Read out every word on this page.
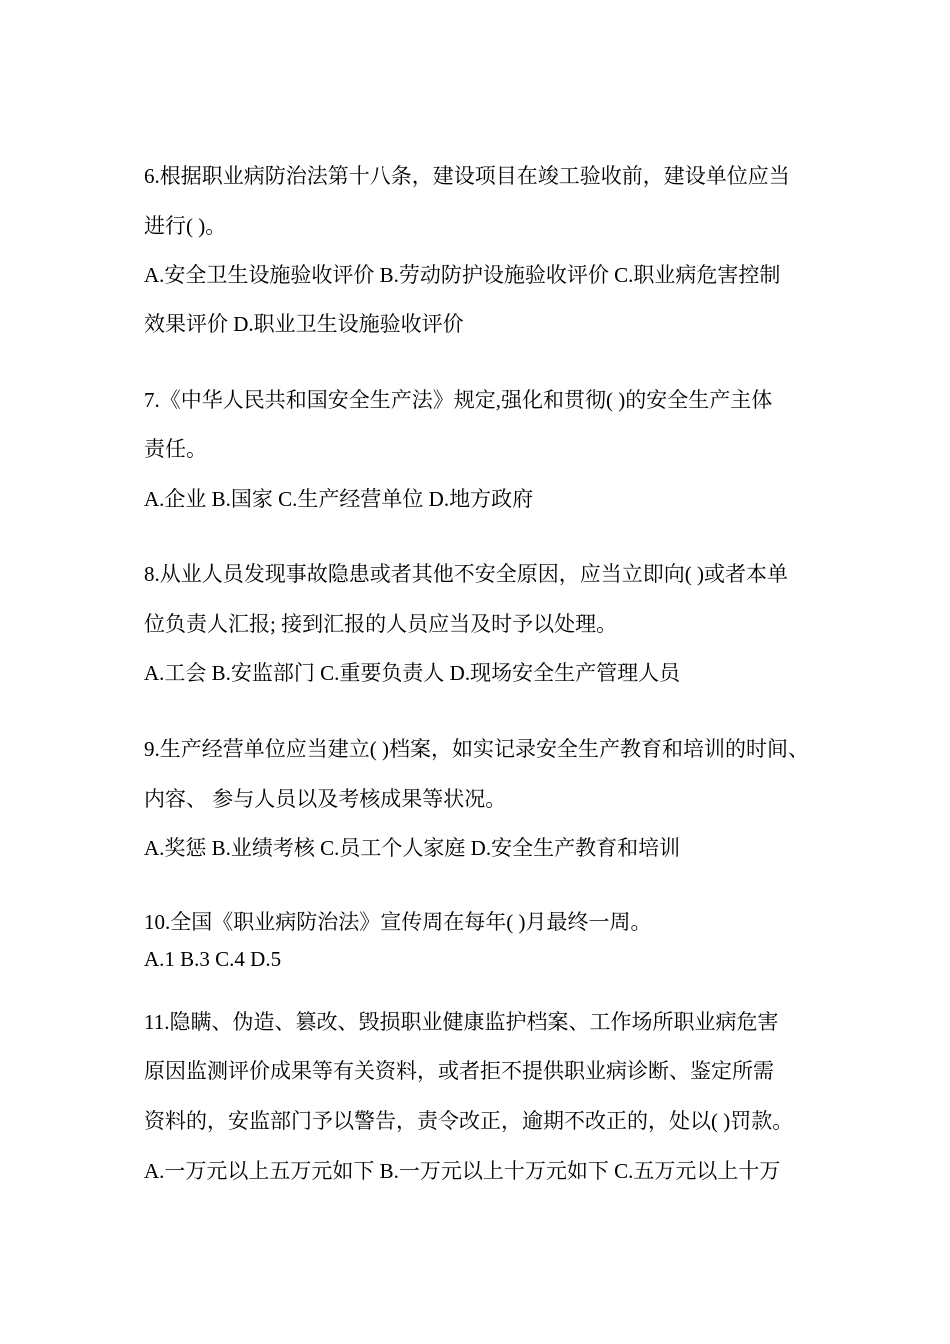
6.根据职业病防治法第十八条，建设项目在竣工验收前，建设单位应当
进行( )。
A.安全卫生设施验收评价 B.劳动防护设施验收评价 C.职业病危害控制
效果评价 D.职业卫生设施验收评价
7.《中华人民共和国安全生产法》规定,强化和贯彻( )的安全生产主体
责任。
A.企业 B.国家 C.生产经营单位 D.地方政府
8.从业人员发现事故隐患或者其他不安全原因，应当立即向( )或者本单
位负责人汇报; 接到汇报的人员应当及时予以处理。
A.工会 B.安监部门 C.重要负责人 D.现场安全生产管理人员
9.生产经营单位应当建立( )档案，如实记录安全生产教育和培训的时间、
内容、 参与人员以及考核成果等状况。
A.奖惩 B.业绩考核 C.员工个人家庭 D.安全生产教育和培训
10.全国《职业病防治法》宣传周在每年( )月最终一周。
A.1 B.3 C.4 D.5
11.隐瞒、伪造、篡改、毁损职业健康监护档案、工作场所职业病危害
原因监测评价成果等有关资料，或者拒不提供职业病诊断、鉴定所需
资料的，安监部门予以警告，责令改正，逾期不改正的，处以( )罚款。
A.一万元以上五万元如下 B.一万元以上十万元如下 C.五万元以上十万
